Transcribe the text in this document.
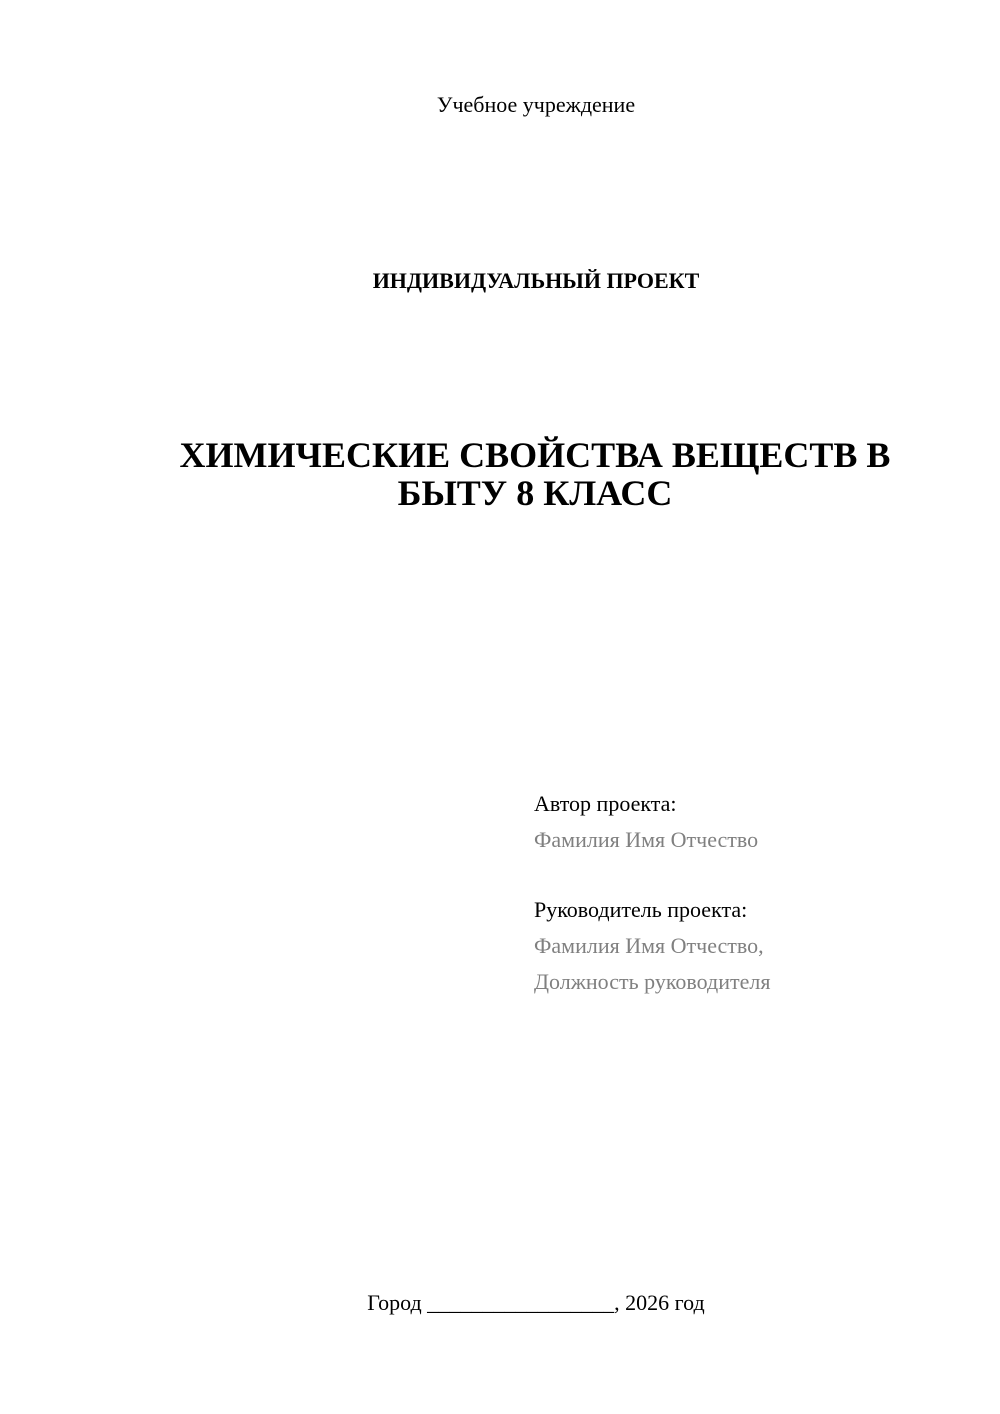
Учебное учреждение
ИНДИВИДУАЛЬНЫЙ ПРОЕКТ
ХИМИЧЕСКИЕ СВОЙСТВА ВЕЩЕСТВ В
БЫТУ 8 КЛАСС
Автор проекта:
Фамилия Имя Отчество
Руководитель проекта:
Фамилия Имя Отчество,
Должность руководителя
Город _________________, 2026 год
